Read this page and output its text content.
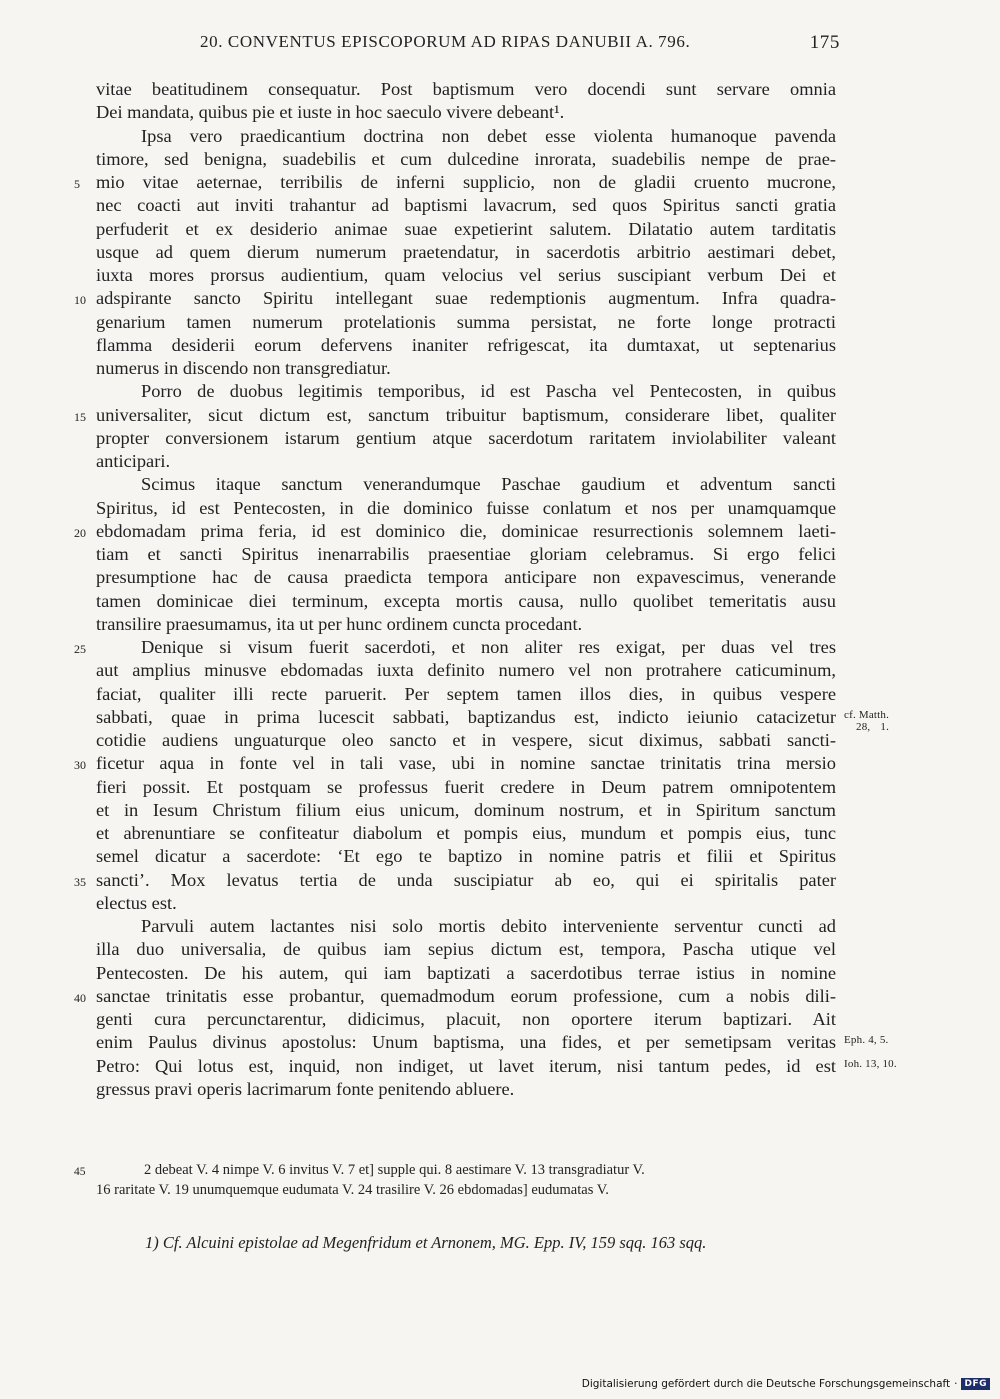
20. CONVENTUS EPISCOPORUM AD RIPAS DANUBII A. 796.	175
vitae beatitudinem consequatur. Post baptismum vero docendi sunt servare omnia
Dei mandata, quibus pie et iuste in hoc saeculo vivere debeant¹.
Ipsa vero praedicantium doctrina non debet esse violenta humanoque pavenda
timore, sed benigna, suadebilis et cum dulcedine inrorata, suadebilis nempe de prae-
5 mio vitae aeternae, terribilis de inferni supplicio, non de gladii cruento mucrone,
nec coacti aut inviti trahantur ad baptismi lavacrum, sed quos Spiritus sancti gratia
perfuderit et ex desiderio animae suae expetierint salutem. Dilatatio autem tarditatis
usque ad quem dierum numerum praetendatur, in sacerdotis arbitrio aestimari debet,
iuxta mores prorsus audientium, quam velocius vel serius suscipiant verbum Dei et
10 adspirante sancto Spiritu intellegant suae redemptionis augmentum. Infra quadra-
genarium tamen numerum protelationis summa persistat, ne forte longe protracti
flamma desiderii eorum defervens inaniter refrigescat, ita dumtaxat, ut septenarius
numerus in discendo non transgrediatur.
Porro de duobus legitimis temporibus, id est Pascha vel Pentecosten, in quibus
15 universaliter, sicut dictum est, sanctum tribuitur baptismum, considerare libet, qualiter
propter conversionem istarum gentium atque sacerdotum raritatem inviolabiliter valeant
anticipari.
Scimus itaque sanctum venerandumque Paschae gaudium et adventum sancti
Spiritus, id est Pentecosten, in die dominico fuisse conlatum et nos per unamquamque
20 ebdomadam prima feria, id est dominico die, dominicae resurrectionis solemnem laeti-
tiam et sancti Spiritus inenarrabilis praesentiae gloriam celebramus. Si ergo felici
presumptione hac de causa praedicta tempora anticipare non expavescimus, venerande
tamen dominicae diei terminum, excepta mortis causa, nullo quolibet temeritatis ausu
transilire praesumamus, ita ut per hunc ordinem cuncta procedant.
25	Denique si visum fuerit sacerdoti, et non aliter res exigat, per duas vel tres
aut amplius minusve ebdomadas iuxta definito numero vel non protrahere caticuminum,
faciat, qualiter illi recte paruerit. Per septem tamen illos dies, in quibus vespere
sabbati, quae in prima lucescit sabbati, baptizandus est, indicto ieiunio catacizetur cf. Matth.
28, 1.
cotidie audiens unguaturque oleo sancto et in vespere, sicut diximus, sabbati sancti-
30 ficetur aqua in fonte vel in tali vase, ubi in nomine sanctae trinitatis trina mersio
fieri possit. Et postquam se professus fuerit credere in Deum patrem omnipotentem
et in Iesum Christum filium eius unicum, dominum nostrum, et in Spiritum sanctum
et abrenuntiare se confiteatur diabolum et pompis eius, mundum et pompis eius, tunc
semel dicatur a sacerdote: ‘Et ego te baptizo in nomine patris et filii et Spiritus
35 sancti’. Mox levatus tertia de unda suscipiatur ab eo, qui ei spiritalis pater
electus est.
Parvuli autem lactantes nisi solo mortis debito interveniente serventur cuncti ad
illa duo universalia, de quibus iam sepius dictum est, tempora, Pascha utique vel
Pentecosten. De his autem, qui iam baptizati a sacerdotibus terrae istius in nomine
40 sanctae trinitatis esse probantur, quemadmodum eorum professione, cum a nobis dili-
genti cura percunctarentur, didicimus, placuit, non oportere iterum baptizari. Ait
enim Paulus divinus apostolus: Unum baptisma, una fides, et per semetipsam veritas Eph. 4, 5.
Petro: Qui lotus est, inquid, non indiget, ut lavet iterum, nisi tantum pedes, id est Ioh. 13, 10.
gressus pravi operis lacrimarum fonte penitendo abluere.
45	2 debeat V. 4 nimpe V. 6 invitus V. 7 et] supple qui. 8 aestimare V. 13 transgradiatur V.
16 raritate V. 19 unumquemque eudumata V. 24 trasilire V. 26 ebdomadas] eudumatas V.
1) Cf. Alcuini epistolae ad Megenfridum et Arnonem, MG. Epp. IV, 159 sqq. 163 sqq.
Digitalisierung gefördert durch die Deutsche Forschungsgemeinschaft · DFG
